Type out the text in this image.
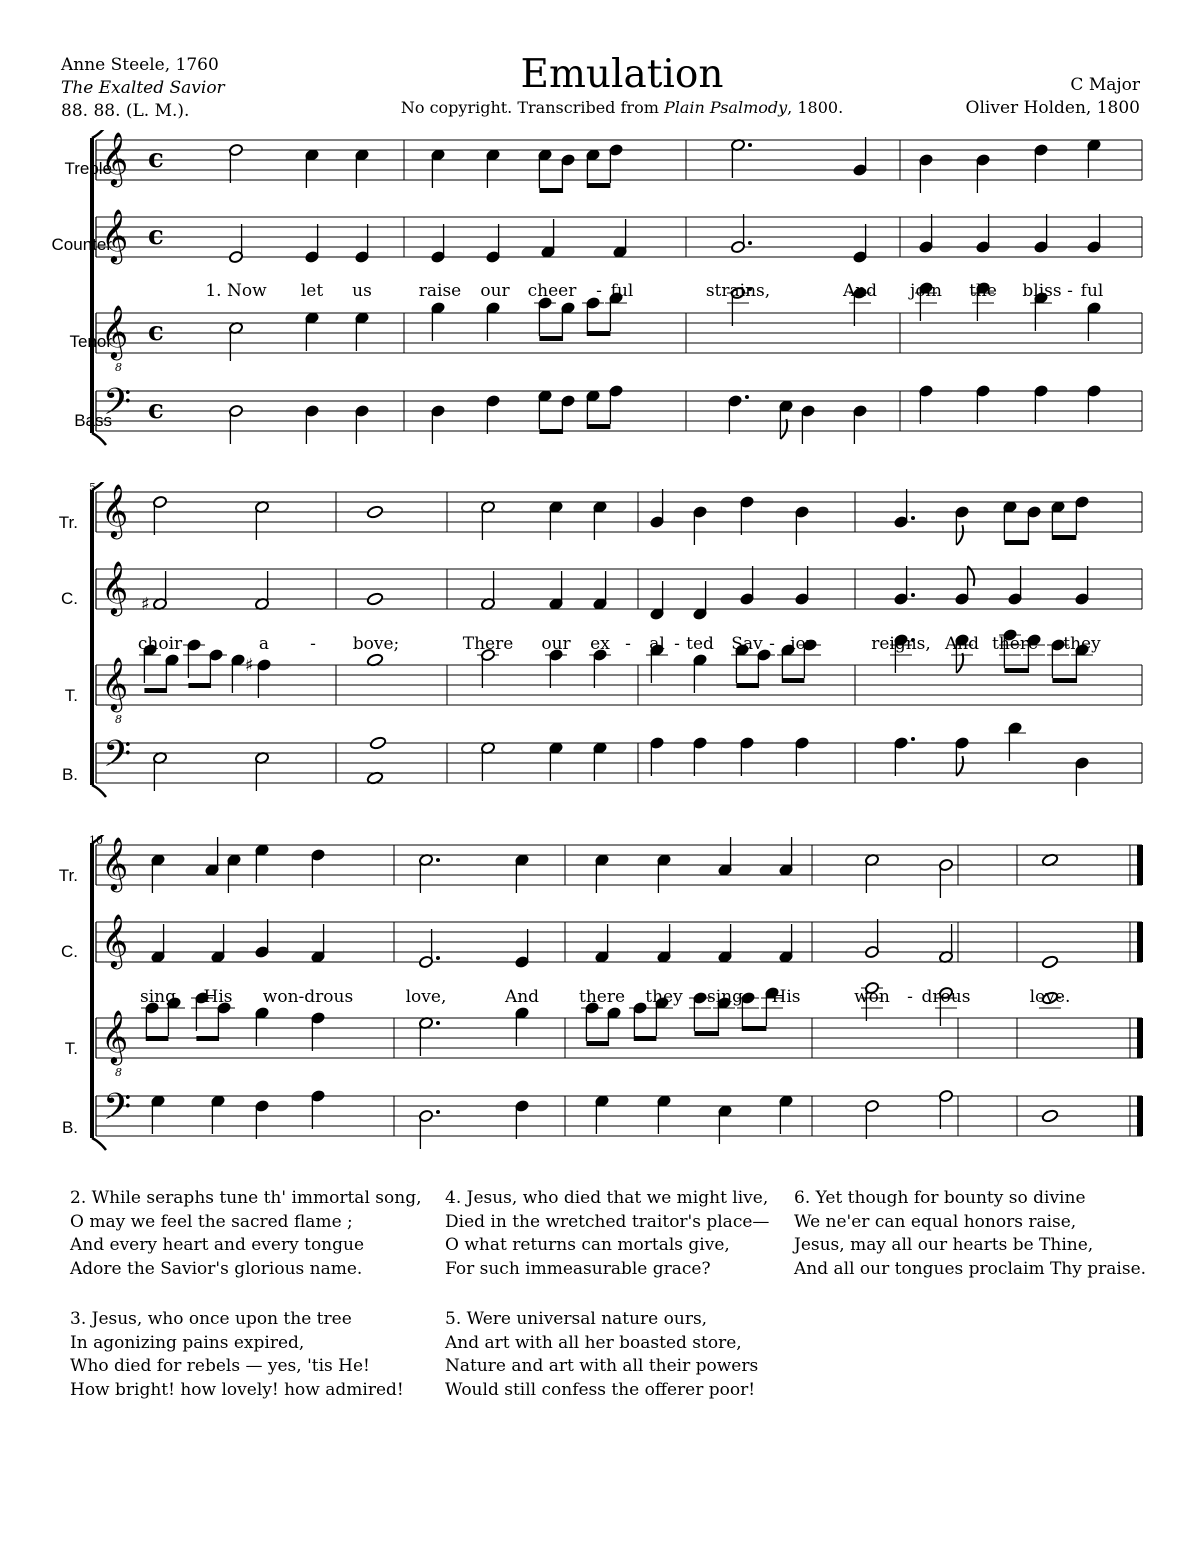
Anne Steele, 1760
The Exalted Savior
88. 88. (L. M.).
Emulation
No copyright. Transcribed from Plain Psalmody, 1800.
C Major
Oliver Holden, 1800
𝄞 c
𝄞 c
𝄞
8
c
𝄢 c
Treble
Counter
Tenor
Bass
1. Now let us	raise our cheer - ful	strains,	And join the bliss - ful
𝄞
𝄞
𝄞
8
𝄢
♯
♯
5
Tr.
C.
T.
B.
choir	a - bove;	There our ex - al - ted Sav - ior	reigns, And there they
𝄞
𝄞
𝄞
8
𝄢
10
Tr.
C.
T.
B.
sing His won-drous	love,	And there they sing His	won - drous	love.
2. While seraphs tune th' immortal song,
O may we feel the sacred flame ;
And every heart and every tongue
Adore the Savior's glorious name.
3. Jesus, who once upon the tree
In agonizing pains expired,
Who died for rebels — yes, 'tis He!
How bright! how lovely! how admired!
4. Jesus, who died that we might live,
Died in the wretched traitor's place—
O what returns can mortals give,
For such immeasurable grace?
5. Were universal nature ours,
And art with all her boasted store,
Nature and art with all their powers
Would still confess the offerer poor!
6. Yet though for bounty so divine
We ne'er can equal honors raise,
Jesus, may all our hearts be Thine,
And all our tongues proclaim Thy praise.
